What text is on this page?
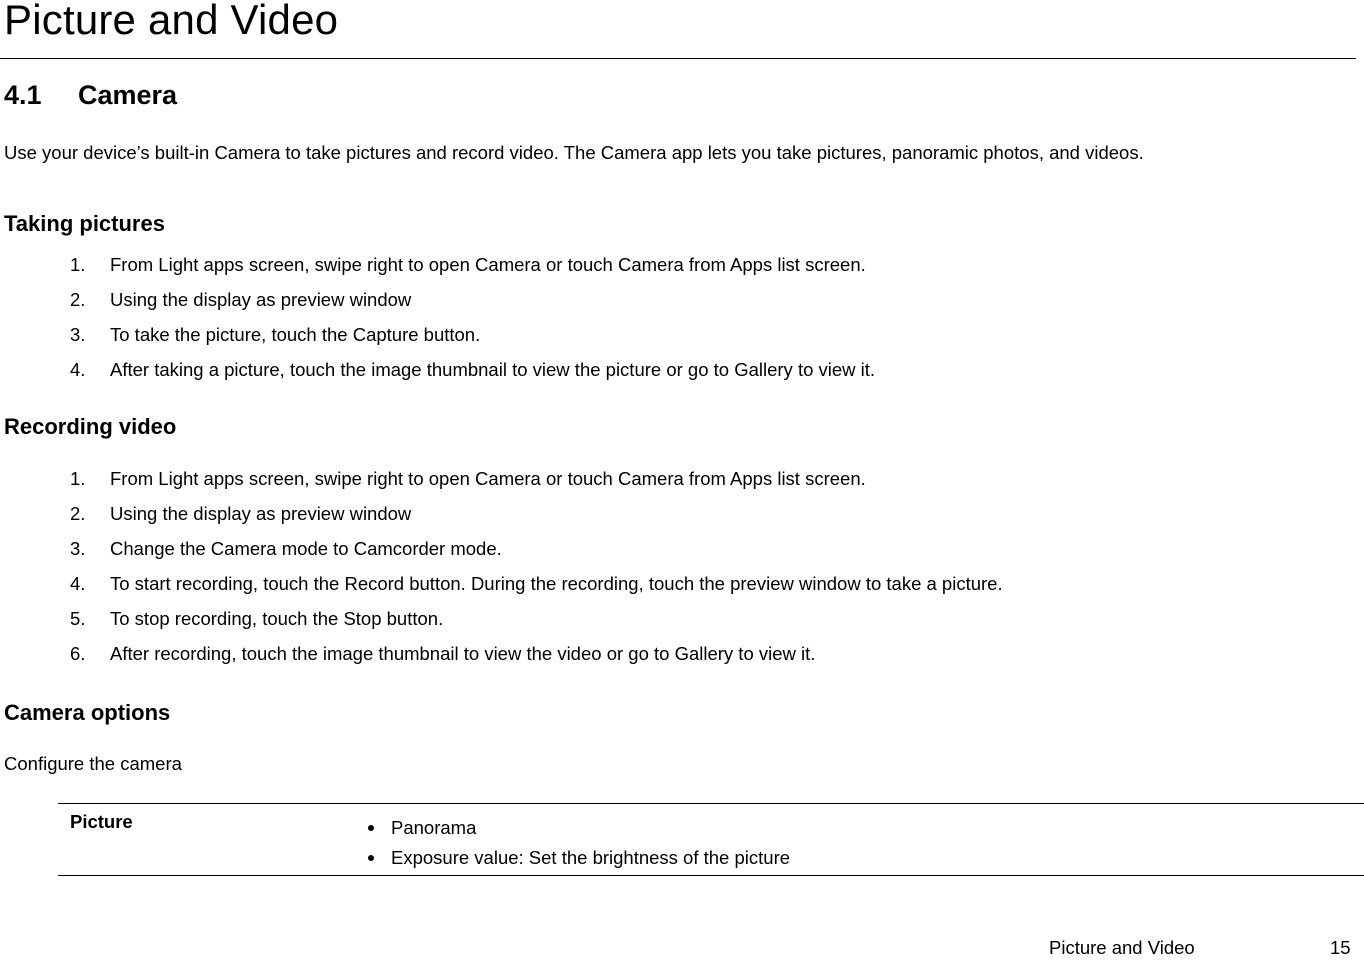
Picture and Video
4.1 Camera

Use your device’s built-in Camera to take pictures and record video. The Camera app lets you take pictures, panoramic photos, and videos.

Taking pictures
1. From Light apps screen, swipe right to open Camera or touch Camera from Apps list screen.
2. Using the display as preview window
3. To take the picture, touch the Capture button.
4. After taking a picture, touch the image thumbnail to view the picture or go to Gallery to view it.
Recording video
1. From Light apps screen, swipe right to open Camera or touch Camera from Apps list screen.
2. Using the display as preview window
3. Change the Camera mode to Camcorder mode.
4. To start recording, touch the Record button. During the recording, touch the preview window to take a picture.
5. To stop recording, touch the Stop button.
6. After recording, touch the image thumbnail to view the video or go to Gallery to view it.
Camera options

Configure the camera

Picture	Panorama
Exposure value: Set the brightness of the picture
Picture and Video	15
